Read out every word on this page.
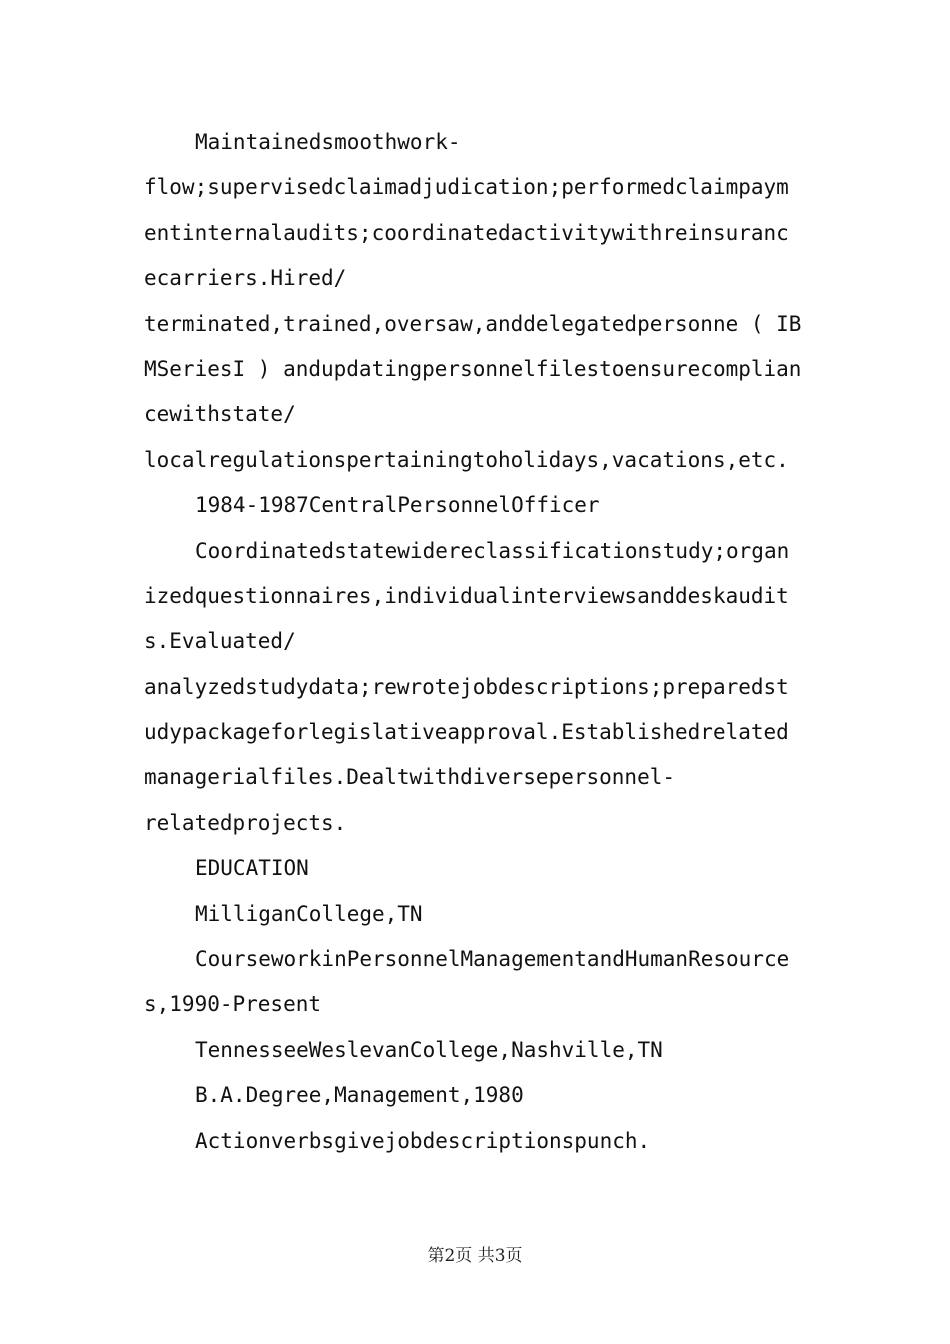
Maintainedsmoothwork-
flow;supervisedclaimadjudication;performedclaimpaym
entinternalaudits;coordinatedactivitywithreinsuranc
ecarriers.Hired/
terminated,trained,oversaw,anddelegatedpersonne ( IB
MSeriesI ) andupdatingpersonnelfilestoensurecomplian
cewithstate/
localregulationspertainingtoholidays,vacations,etc.
1984-1987CentralPersonnelOfficer
Coordinatedstatewidereclassificationstudy;organ
izedquestionnaires,individualinterviewsanddeskaudit
s.Evaluated/
analyzedstudydata;rewrotejobdescriptions;preparedst
udypackageforlegislativeapproval.Establishedrelated
managerialfiles.Dealtwithdiversepersonnel-
relatedprojects.
EDUCATION
MilliganCollege,TN
CourseworkinPersonnelManagementandHumanResource
s,1990-Present
TennesseeWeslevanCollege,Nashville,TN
B.A.Degree,Management,1980
Actionverbsgivejobdescriptionspunch.
第2页 共3页
